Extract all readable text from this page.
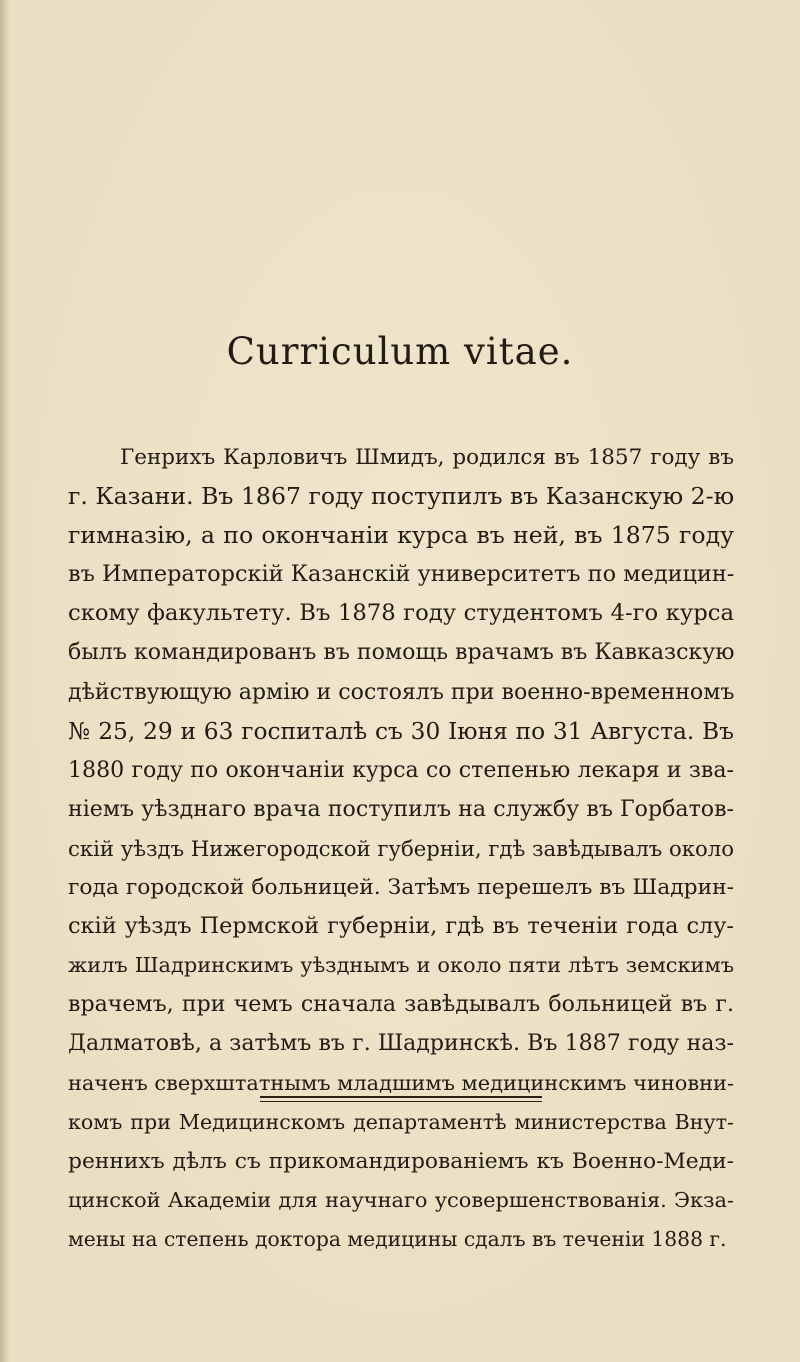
Curriculum vitae.
Генрихъ Карловичъ Шмидъ, родился въ 1857 году въ
г. Казани. Въ 1867 году поступилъ въ Казанскую 2-ю
гимназію, а по окончаніи курса въ ней, въ 1875 году
въ Императорскій Казанскій университетъ по медицин-
скому факультету. Въ 1878 году студентомъ 4-го курса
былъ командированъ въ помощь врачамъ въ Кавказскую
дѣйствующую армію и состоялъ при военно-временномъ
№ 25, 29 и 63 госпиталѣ съ 30 Іюня по 31 Августа. Въ
1880 году по окончаніи курса со степенью лекаря и зва-
ніемъ уѣзднаго врача поступилъ на службу въ Горбатов-
скій уѣздъ Нижегородской губерніи, гдѣ завѣдывалъ около
года городской больницей. Затѣмъ перешелъ въ Шадрин-
скій уѣздъ Пермской губерніи, гдѣ въ теченіи года слу-
жилъ Шадринскимъ уѣзднымъ и около пяти лѣтъ земскимъ
врачемъ, при чемъ сначала завѣдывалъ больницей въ г.
Далматовѣ, а затѣмъ въ г. Шадринскѣ. Въ 1887 году наз-
наченъ сверхштатнымъ младшимъ медицинскимъ чиновни-
комъ при Медицинскомъ департаментѣ министерства Внут-
реннихъ дѣлъ съ прикомандированіемъ къ Военно-Меди-
цинской Академіи для научнаго усовершенствованія. Экза-
мены на степень доктора медицины сдалъ въ теченіи 1888 г.
